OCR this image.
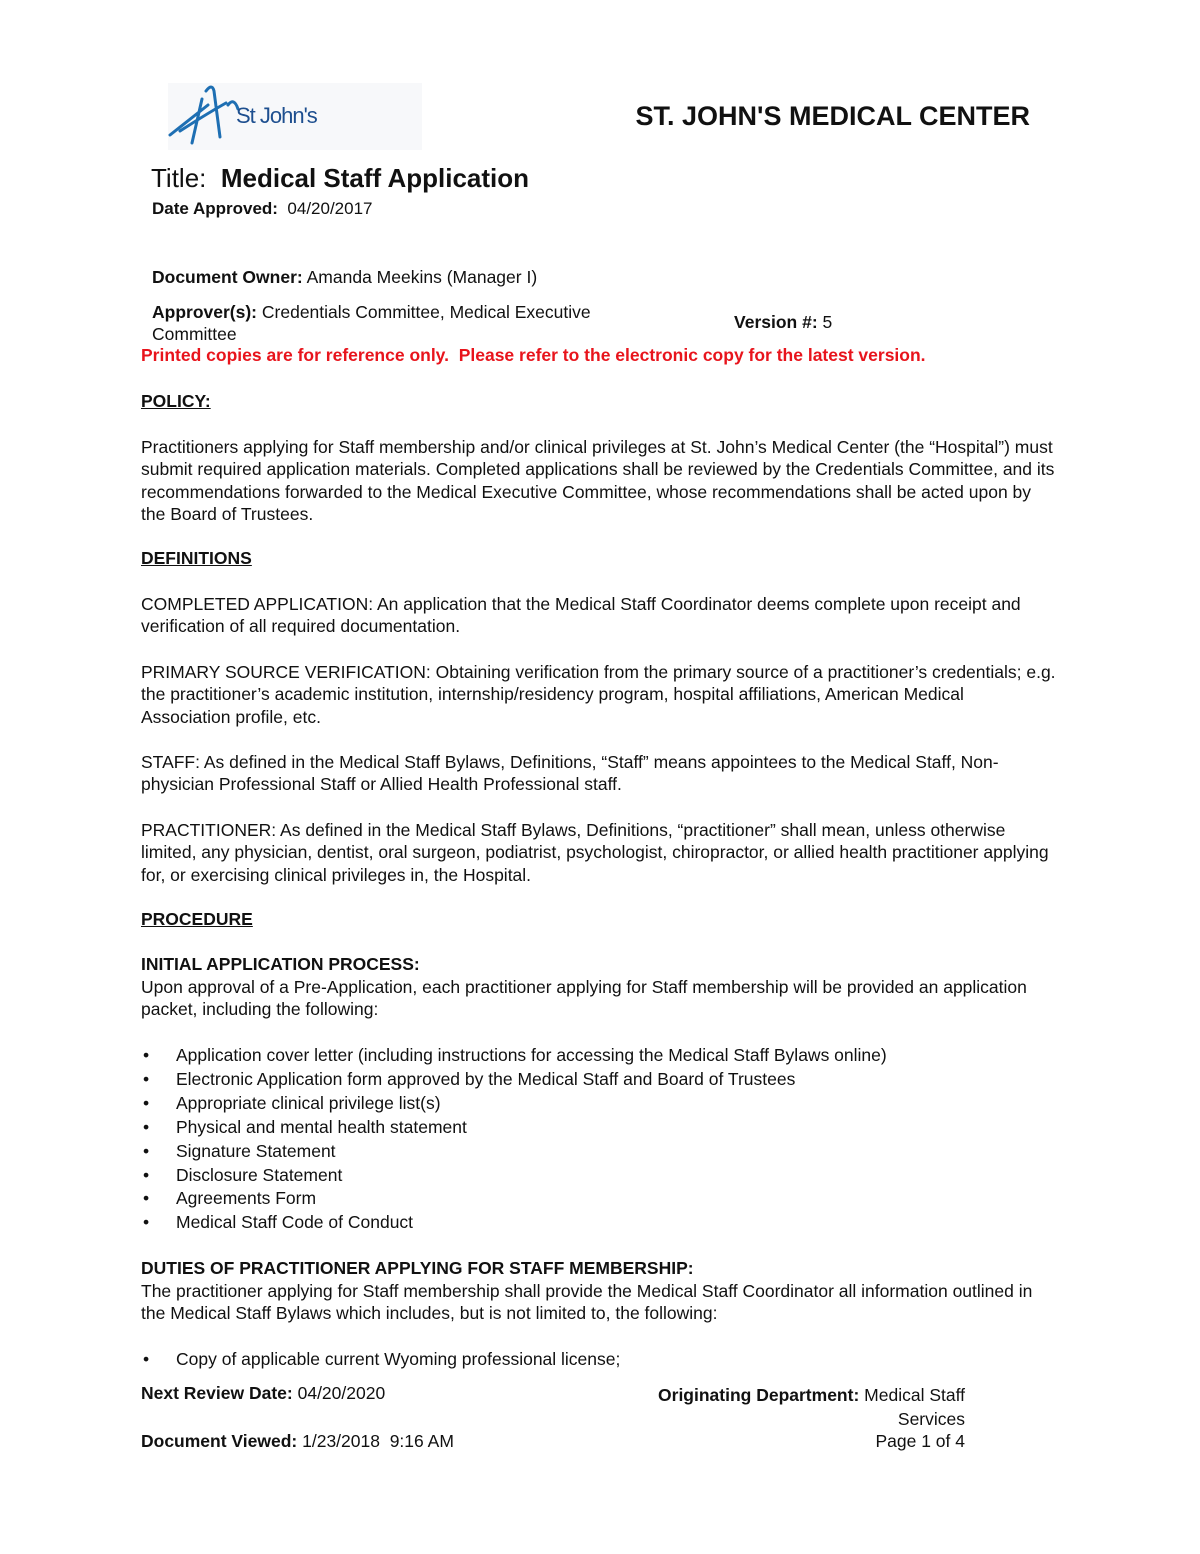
St John's	ST. JOHN'S MEDICAL CENTER
Title: Medical Staff Application
Date Approved: 04/20/2017
Document Owner: Amanda Meekins (Manager I)
Approver(s): Credentials Committee, Medical Executive Committee
Version #: 5
Printed copies are for reference only.  Please refer to the electronic copy for the latest version.
POLICY:

Practitioners applying for Staff membership and/or clinical privileges at St. John’s Medical Center (the “Hospital”) must submit required application materials. Completed applications shall be reviewed by the Credentials Committee, and its recommendations forwarded to the Medical Executive Committee, whose recommendations shall be acted upon by the Board of Trustees.

DEFINITIONS

COMPLETED APPLICATION: An application that the Medical Staff Coordinator deems complete upon receipt and verification of all required documentation.

PRIMARY SOURCE VERIFICATION: Obtaining verification from the primary source of a practitioner’s credentials; e.g. the practitioner’s academic institution, internship/residency program, hospital affiliations, American Medical Association profile, etc.

STAFF: As defined in the Medical Staff Bylaws, Definitions, “Staff” means appointees to the Medical Staff, Non-physician Professional Staff or Allied Health Professional staff.

PRACTITIONER: As defined in the Medical Staff Bylaws, Definitions, “practitioner” shall mean, unless otherwise limited, any physician, dentist, oral surgeon, podiatrist, psychologist, chiropractor, or allied health practitioner applying for, or exercising clinical privileges in, the Hospital.

PROCEDURE
INITIAL APPLICATION PROCESS:

Upon approval of a Pre-Application, each practitioner applying for Staff membership will be provided an application packet, including the following:

• Application cover letter (including instructions for accessing the Medical Staff Bylaws online)
• Electronic Application form approved by the Medical Staff and Board of Trustees
• Appropriate clinical privilege list(s)
• Physical and mental health statement
• Signature Statement
• Disclosure Statement
• Agreements Form
• Medical Staff Code of Conduct
DUTIES OF PRACTITIONER APPLYING FOR STAFF MEMBERSHIP:

The practitioner applying for Staff membership shall provide the Medical Staff Coordinator all information outlined in the Medical Staff Bylaws which includes, but is not limited to, the following:

• Copy of applicable current Wyoming professional license;
Next Review Date: 04/20/2020	Originating Department: Medical Staff
Services
Document Viewed: 1/23/2018  9:16 AM	Page 1 of 4
